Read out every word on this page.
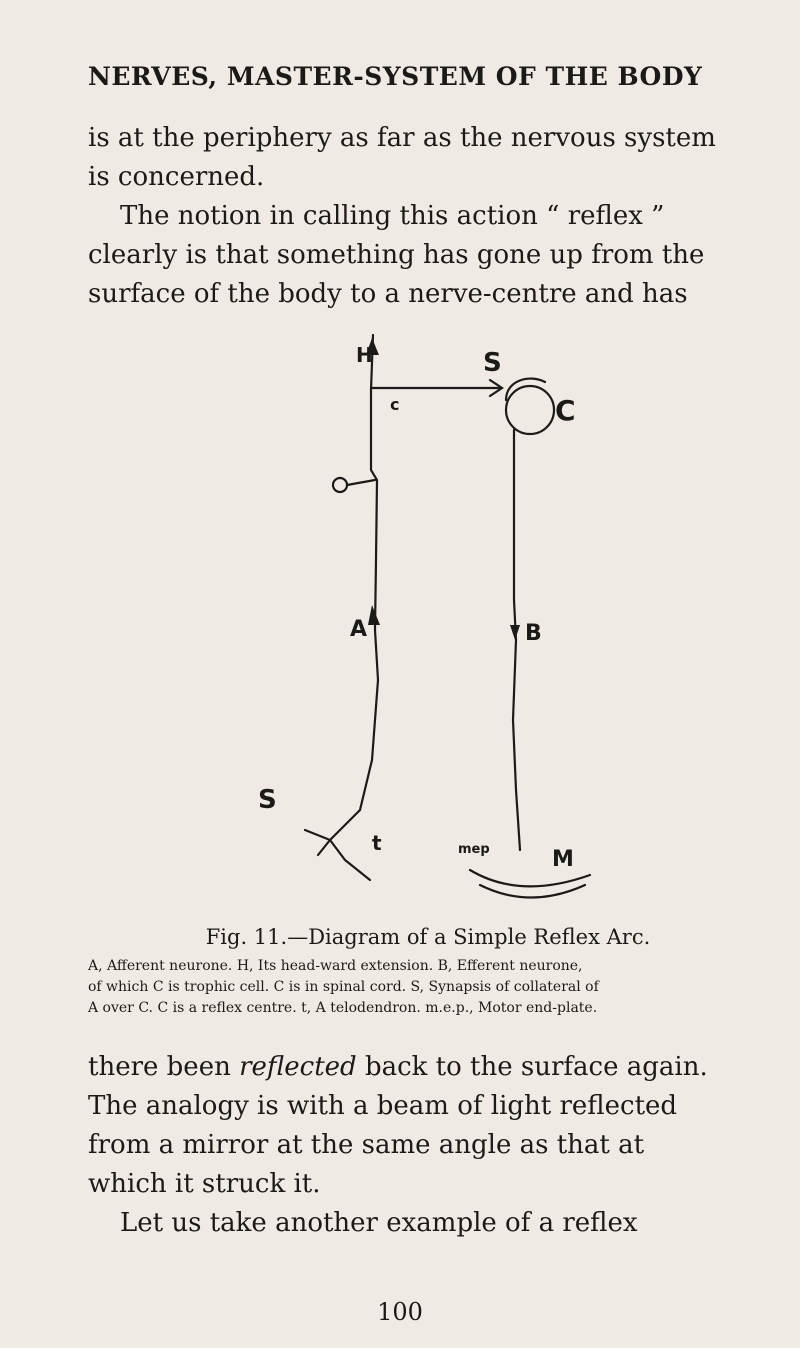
NERVES, MASTER-SYSTEM OF THE BODY
is at the periphery as far as the nervous system
is concerned.
The notion in calling this action “ reflex ”
clearly is that something has gone up from the
surface of the body to a nerve-centre and has
H	S
C
c
A	B
S
t	mep	M
Fig. 11.—Diagram of a Simple Reflex Arc.
A, Afferent neurone. H, Its head-ward extension. B, Efferent neurone,
of which C is trophic cell. C is in spinal cord. S, Synapsis of collateral of
A over C. C is a reflex centre. t, A telodendron. m.e.p., Motor end-plate.
there been reflected back to the surface again.
The analogy is with a beam of light reflected
from a mirror at the same angle as that at
which it struck it.
Let us take another example of a reflex
100
